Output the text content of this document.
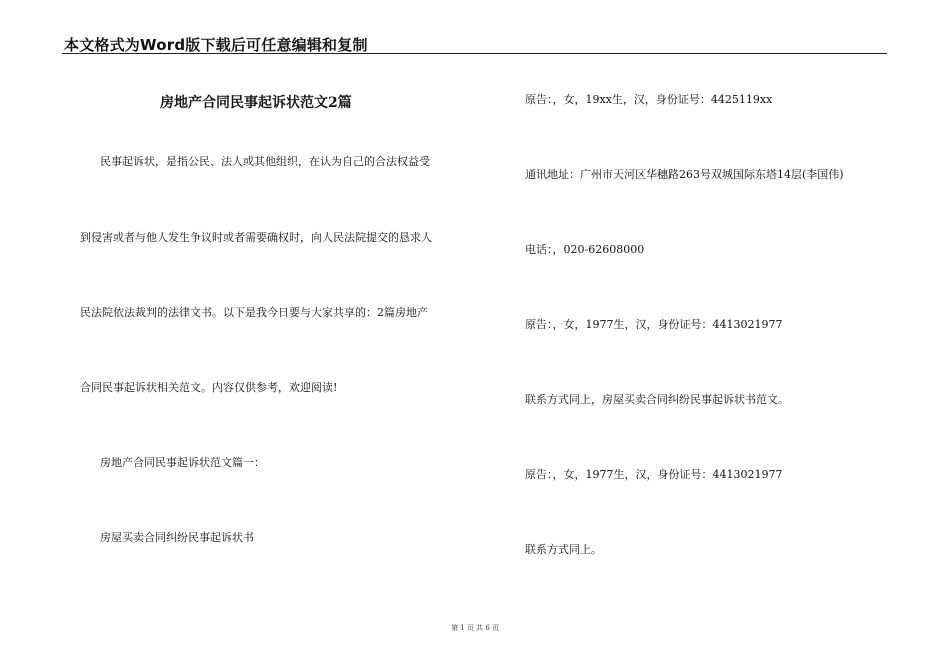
本文格式为Word版下载后可任意编辑和复制
房地产合同民事起诉状范文2篇
民事起诉状，是指公民、法人或其他组织，在认为自己的合法权益受
到侵害或者与他人发生争议时或者需要确权时，向人民法院提交的恳求人
民法院依法裁判的法律文书。以下是我今日要与大家共享的：2篇房地产
合同民事起诉状相关范文。内容仅供参考，欢迎阅读!
房地产合同民事起诉状范文篇一：
房屋买卖合同纠纷民事起诉状书
原告：，女，19xx生，汉，身份证号：4425119xx
通讯地址：广州市天河区华穗路263号双城国际东塔14层(李国伟)
电话：，020-62608000
原告：，女，1977生，汉，身份证号：4413021977
联系方式同上，房屋买卖合同纠纷民事起诉状书范文。
原告：，女，1977生，汉，身份证号：4413021977
联系方式同上。
第 1 页 共 6 页
